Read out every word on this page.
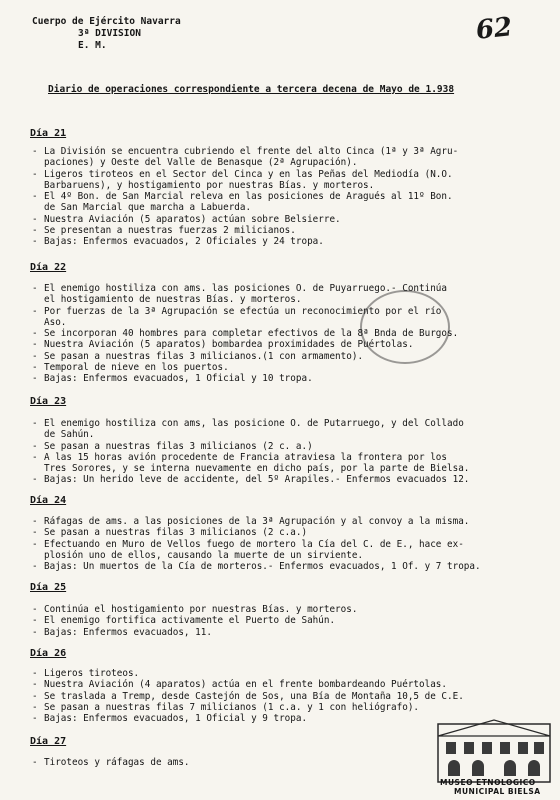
Cuerpo de Ejército Navarra
3ª DIVISION
E. M.	62
Diario de operaciones correspondiente a tercera decena de Mayo de 1.938
Día 21
- La División se encuentra cubriendo el frente del alto Cinca (1ª y 3ª Agru-
paciones) y Oeste del Valle de Benasque (2ª Agrupación).
- Ligeros tiroteos en el Sector del Cinca y en las Peñas del Mediodía (N.O.
Barbaruens), y hostigamiento por nuestras Bías. y morteros.
- El 4º Bon. de San Marcial releva en las posiciones de Aragués al 11º Bon.
de San Marcial que marcha a Labuerda.
- Nuestra Aviación (5 aparatos) actúan sobre Belsierre.
- Se presentan a nuestras fuerzas 2 milicianos.
- Bajas: Enfermos evacuados, 2 Oficiales y 24 tropa.
Día 22
- El enemigo hostiliza con ams. las posiciones O. de Puyarruego.- Continúa
el hostigamiento de nuestras Bías. y morteros.
- Por fuerzas de la 3ª Agrupación se efectúa un reconocimiento por el río
Aso.
- Se incorporan 40 hombres para completar efectivos de la 8ª Bnda de Burgos.
- Nuestra Aviación (5 aparatos) bombardea proximidades de Puértolas.
- Se pasan a nuestras filas 3 milicianos.(1 con armamento).
- Temporal de nieve en los puertos.
- Bajas: Enfermos evacuados, 1 Oficial y 10 tropa.
Día 23
- El enemigo hostiliza con ams, las posicione O. de Putarruego, y del Collado
de Sahún.
- Se pasan a nuestras filas 3 milicianos (2 c. a.)
- A las 15 horas avión procedente de Francia atraviesa la frontera por los
Tres Sorores, y se interna nuevamente en dicho país, por la parte de Bielsa.
- Bajas: Un herido leve de accidente, del 5º Arapiles.- Enfermos evacuados 12.
Día 24
- Ráfagas de ams. a las posiciones de la 3ª Agrupación y al convoy a la misma.
- Se pasan a nuestras filas 3 milicianos (2 c.a.)
- Efectuando en Muro de Vellos fuego de mortero la Cía del C. de E., hace ex-
plosión uno de ellos, causando la muerte de un sirviente.
- Bajas: Un muertos de la Cía de morteros.- Enfermos evacuados, 1 Of. y 7 tropa.
Día 25
- Continúa el hostigamiento por nuestras Bías. y morteros.
- El enemigo fortifica activamente el Puerto de Sahún.
- Bajas: Enfermos evacuados, 11.
Día 26
- Ligeros tiroteos.
- Nuestra Aviación (4 aparatos) actúa en el frente bombardeando Puértolas.
- Se traslada a Tremp, desde Castejón de Sos, una Bía de Montaña 10,5 de C.E.
- Se pasan a nuestras filas 7 milicianos (1 c.a. y 1 con heliógrafo).
- Bajas: Enfermos evacuados, 1 Oficial y 9 tropa.
Día 27
- Tiroteos y ráfagas de ams.
MUSEO ETNOLOGICO
MUNICIPAL BIELSA
